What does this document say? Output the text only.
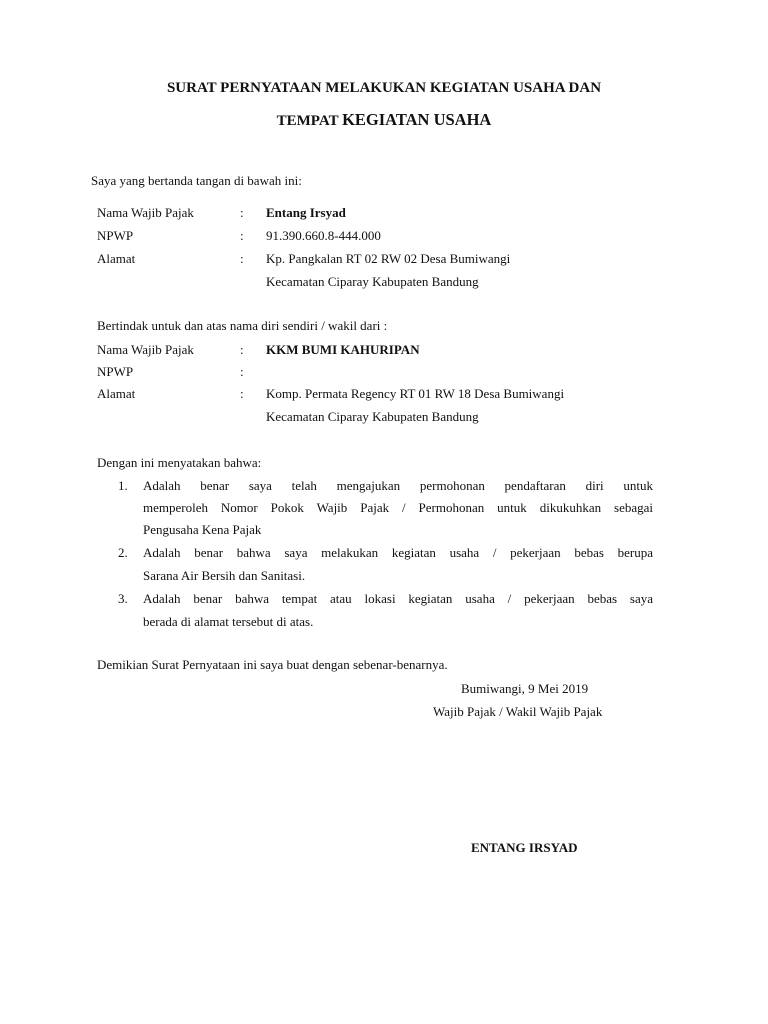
SURAT PERNYATAAN MELAKUKAN KEGIATAN USAHA DAN
TEMPAT KEGIATAN USAHA
Saya yang bertanda tangan di bawah ini:
Nama Wajib Pajak	: Entang Irsyad
NPWP	: 91.390.660.8-444.000
Alamat	: Kp. Pangkalan RT 02 RW 02 Desa Bumiwangi
Kecamatan Ciparay Kabupaten Bandung
Bertindak untuk dan atas nama diri sendiri / wakil dari :
Nama Wajib Pajak	: KKM BUMI KAHURIPAN
NPWP	:
Alamat	: Komp. Permata Regency RT 01 RW 18 Desa Bumiwangi
Kecamatan Ciparay Kabupaten Bandung
Dengan ini menyatakan bahwa:
1. Adalah benar saya telah mengajukan permohonan pendaftaran diri untuk
memperoleh Nomor Pokok Wajib Pajak / Permohonan untuk dikukuhkan sebagai
Pengusaha Kena Pajak
2. Adalah benar bahwa saya melakukan kegiatan usaha / pekerjaan bebas berupa
Sarana Air Bersih dan Sanitasi.
3. Adalah benar bahwa tempat atau lokasi kegiatan usaha / pekerjaan bebas saya
berada di alamat tersebut di atas.
Demikian Surat Pernyataan ini saya buat dengan sebenar-benarnya.
Bumiwangi, 9 Mei 2019
Wajib Pajak / Wakil Wajib Pajak
ENTANG IRSYAD
